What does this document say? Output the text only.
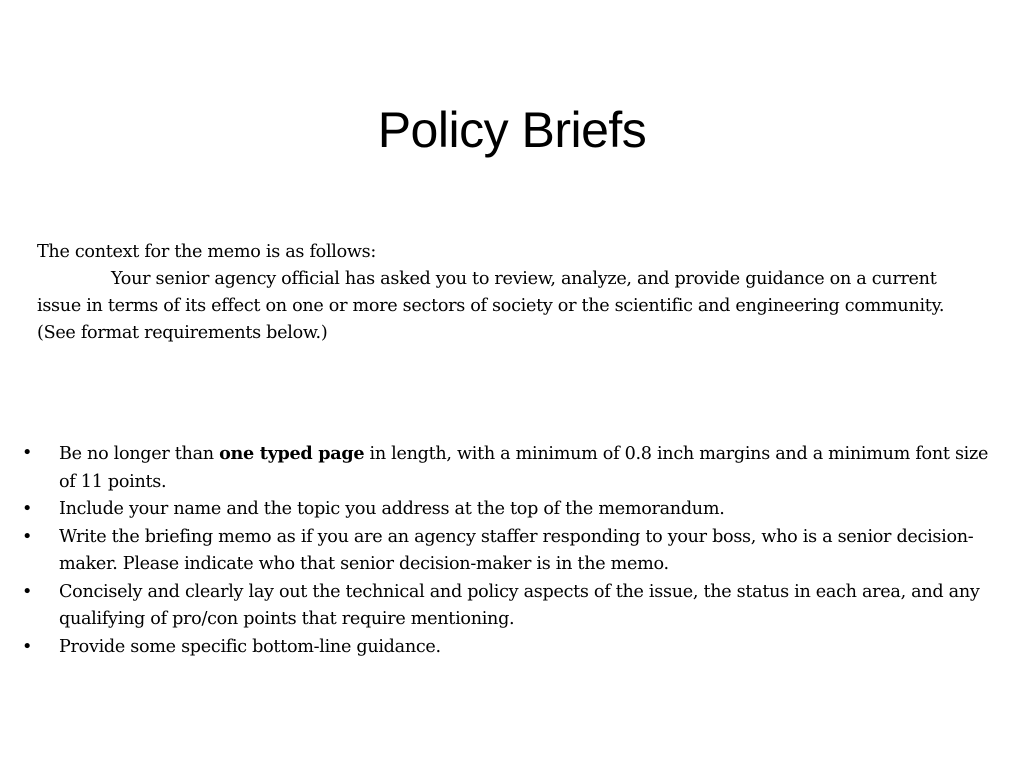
Policy Briefs

The context for the memo is as follows:

Your senior agency official has asked you to review, analyze, and provide guidance on a current issue in terms of its effect on one or more sectors of society or the scientific and engineering community. (See format requirements below.)

• Be no longer than one typed page in length, with a minimum of 0.8 inch margins and a minimum font size of 11 points.
• Include your name and the topic you address at the top of the memorandum.
• Write the briefing memo as if you are an agency staffer responding to your boss, who is a senior decision-maker. Please indicate who that senior decision-maker is in the memo.
• Concisely and clearly lay out the technical and policy aspects of the issue, the status in each area, and any qualifying of pro/con points that require mentioning.
• Provide some specific bottom-line guidance.
